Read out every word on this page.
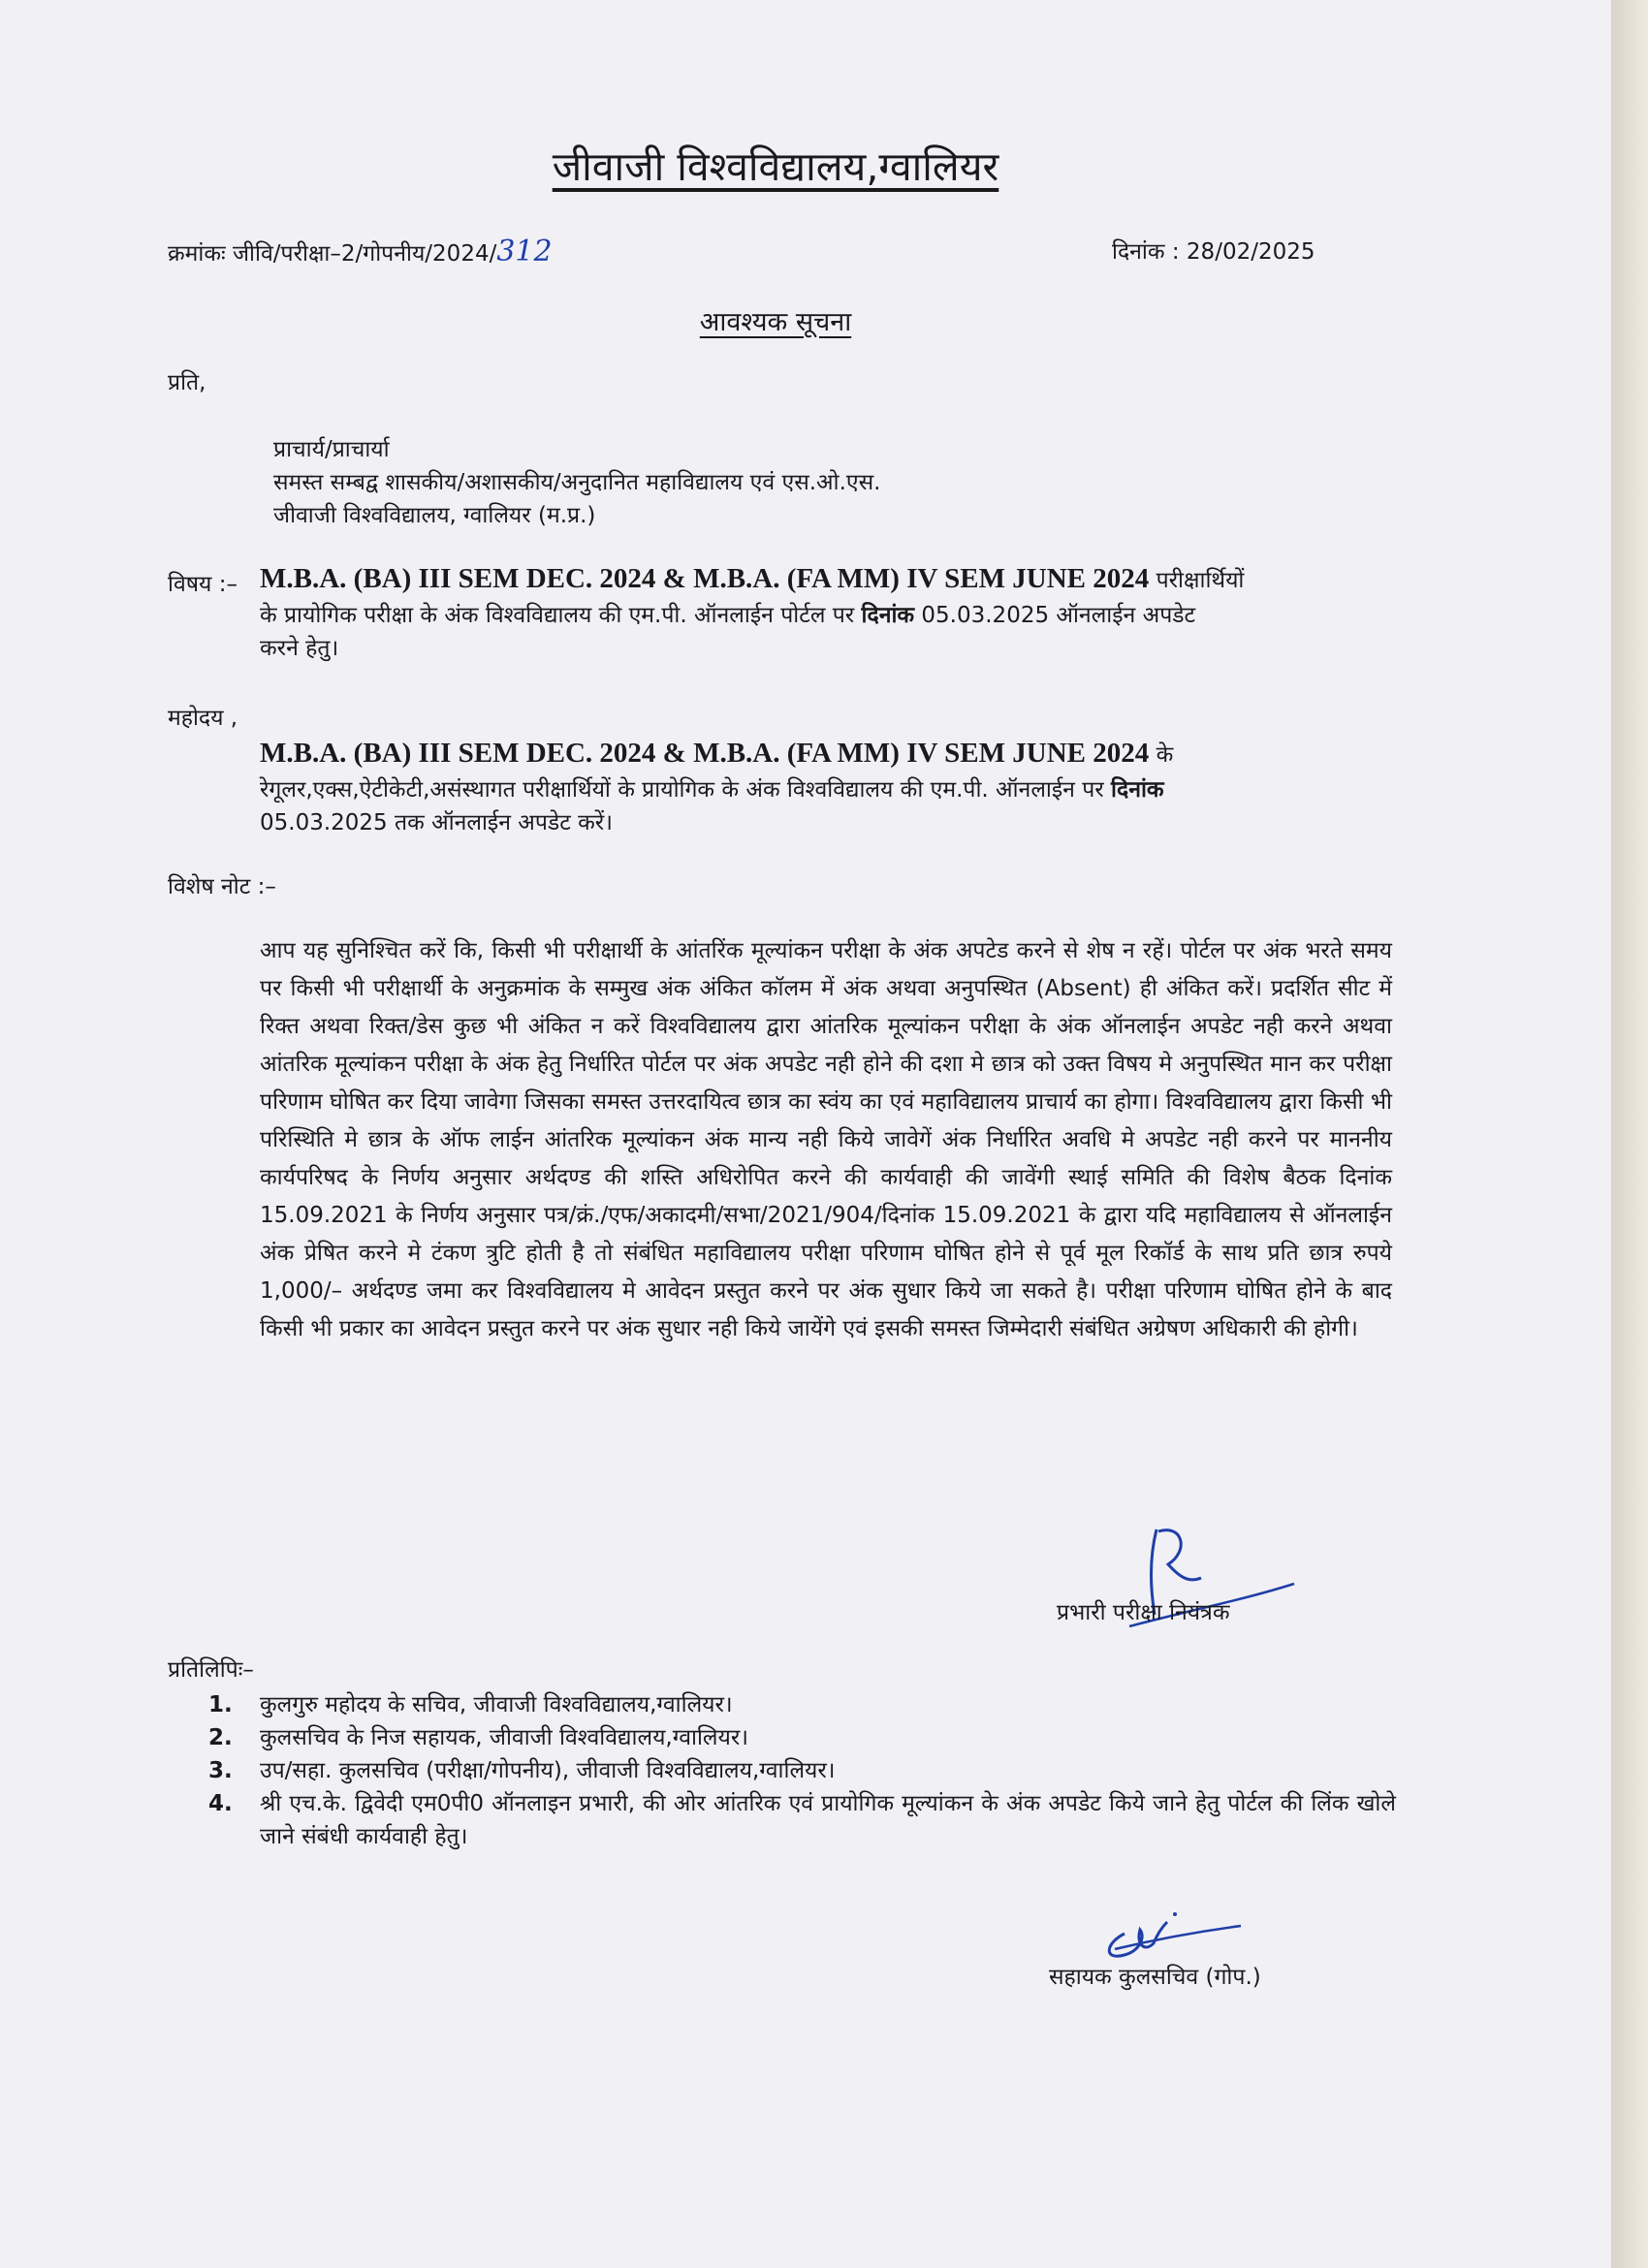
जीवाजी विश्वविद्यालय,ग्वालियर
क्रमांकः जीवि/परीक्षा–2/गोपनीय/2024/312	दिनांक : 28/02/2025
आवश्यक सूचना
प्रति,
प्राचार्य/प्राचार्या
समस्त सम्बद्व शासकीय/अशासकीय/अनुदानित महाविद्यालय एवं एस.ओ.एस.
जीवाजी विश्वविद्यालय, ग्वालियर (म.प्र.)
विषय :– M.B.A. (BA) III SEM DEC. 2024 & M.B.A. (FA MM) IV SEM JUNE 2024 परीक्षार्थियों
के प्रायोगिक परीक्षा के अंक विश्वविद्यालय की एम.पी. ऑनलाईन पोर्टल पर दिनांक 05.03.2025 ऑनलाईन अपडेट
करने हेतु।
महोदय ,
M.B.A. (BA) III SEM DEC. 2024 & M.B.A. (FA MM) IV SEM JUNE 2024 के
रेगूलर,एक्स,ऐटीकेटी,असंस्थागत परीक्षार्थियों के प्रायोगिक के अंक विश्वविद्यालय की एम.पी. ऑनलाईन पर दिनांक
05.03.2025 तक ऑनलाईन अपडेट करें।
विशेष नोट :–
आप यह सुनिश्चित करें कि, किसी भी परीक्षार्थी के आंतरिंक मूल्यांकन परीक्षा के अंक अपटेड करने से शेष न रहें। पोर्टल पर अंक भरते समय पर किसी भी परीक्षार्थी के अनुक्रमांक के सम्मुख अंक अंकित कॉलम में अंक अथवा अनुपस्थित (Absent) ही अंकित करें। प्रदर्शित सीट में रिक्त अथवा रिक्त/डेस कुछ भी अंकित न करें विश्वविद्यालय द्वारा आंतरिक मूल्यांकन परीक्षा के अंक ऑनलाईन अपडेट नही करने अथवा आंतरिक मूल्यांकन परीक्षा के अंक हेतु निर्धारित पोर्टल पर अंक अपडेट नही होने की दशा मे छात्र को उक्त विषय मे अनुपस्थित मान कर परीक्षा परिणाम घोषित कर दिया जावेगा जिसका समस्त उत्तरदायित्व छात्र का स्वंय का एवं महाविद्यालय प्राचार्य का होगा। विश्वविद्यालय द्वारा किसी भी परिस्थिति मे छात्र के ऑफ लाईन आंतरिक मूल्यांकन अंक मान्य नही किये जावेगें अंक निर्धारित अवधि मे अपडेट नही करने पर माननीय कार्यपरिषद के निर्णय अनुसार अर्थदण्ड की शस्ति अधिरोपित करने की कार्यवाही की जावेंगी स्थाई समिति की विशेष बैठक दिनांक 15.09.2021 के निर्णय अनुसार पत्र/क्रं./एफ/अकादमी/सभा/2021/904/दिनांक 15.09.2021 के द्वारा यदि महाविद्यालय से ऑनलाईन अंक प्रेषित करने मे टंकण त्रुटि होती है तो संबंधित महाविद्यालय परीक्षा परिणाम घोषित होने से पूर्व मूल रिकॉर्ड के साथ प्रति छात्र रुपये 1,000/– अर्थदण्ड जमा कर विश्वविद्यालय मे आवेदन प्रस्तुत करने पर अंक सुधार किये जा सकते है। परीक्षा परिणाम घोषित होने के बाद किसी भी प्रकार का आवेदन प्रस्तुत करने पर अंक सुधार नही किये जायेंगे एवं इसकी समस्त जिम्मेदारी संबंधित अग्रेषण अधिकारी की होगी।
प्रभारी परीक्षा नियंत्रक
प्रतिलिपिः–
1.	कुलगुरु महोदय के सचिव, जीवाजी विश्वविद्यालय,ग्वालियर।
2.	कुलसचिव के निज सहायक, जीवाजी विश्वविद्यालय,ग्वालियर।
3.	उप/सहा. कुलसचिव (परीक्षा/गोपनीय), जीवाजी विश्वविद्यालय,ग्वालियर।
4.	श्री एच.के. द्विवेदी एम0पी0 ऑनलाइन प्रभारी, की ओर आंतरिक एवं प्रायोगिक मूल्यांकन के अंक अपडेट किये जाने हेतु पोर्टल की लिंक खोले जाने संबंधी कार्यवाही हेतु।
सहायक कुलसचिव (गोप.)
